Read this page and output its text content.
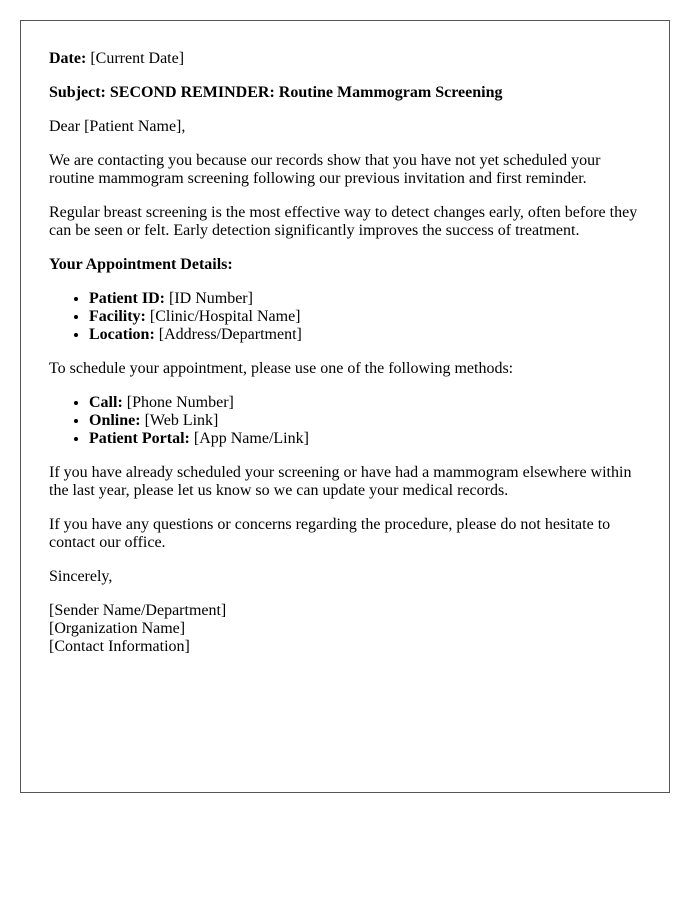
Date: [Current Date]

Subject: SECOND REMINDER: Routine Mammogram Screening

Dear [Patient Name],

We are contacting you because our records show that you have not yet scheduled your routine mammogram screening following our previous invitation and first reminder.

Regular breast screening is the most effective way to detect changes early, often before they can be seen or felt. Early detection significantly improves the success of treatment.

Your Appointment Details:

• Patient ID: [ID Number]
• Facility: [Clinic/Hospital Name]
• Location: [Address/Department]

To schedule your appointment, please use one of the following methods:

• Call: [Phone Number]
• Online: [Web Link]
• Patient Portal: [App Name/Link]

If you have already scheduled your screening or have had a mammogram elsewhere within the last year, please let us know so we can update your medical records.

If you have any questions or concerns regarding the procedure, please do not hesitate to contact our office.

Sincerely,

[Sender Name/Department]
[Organization Name]
[Contact Information]
